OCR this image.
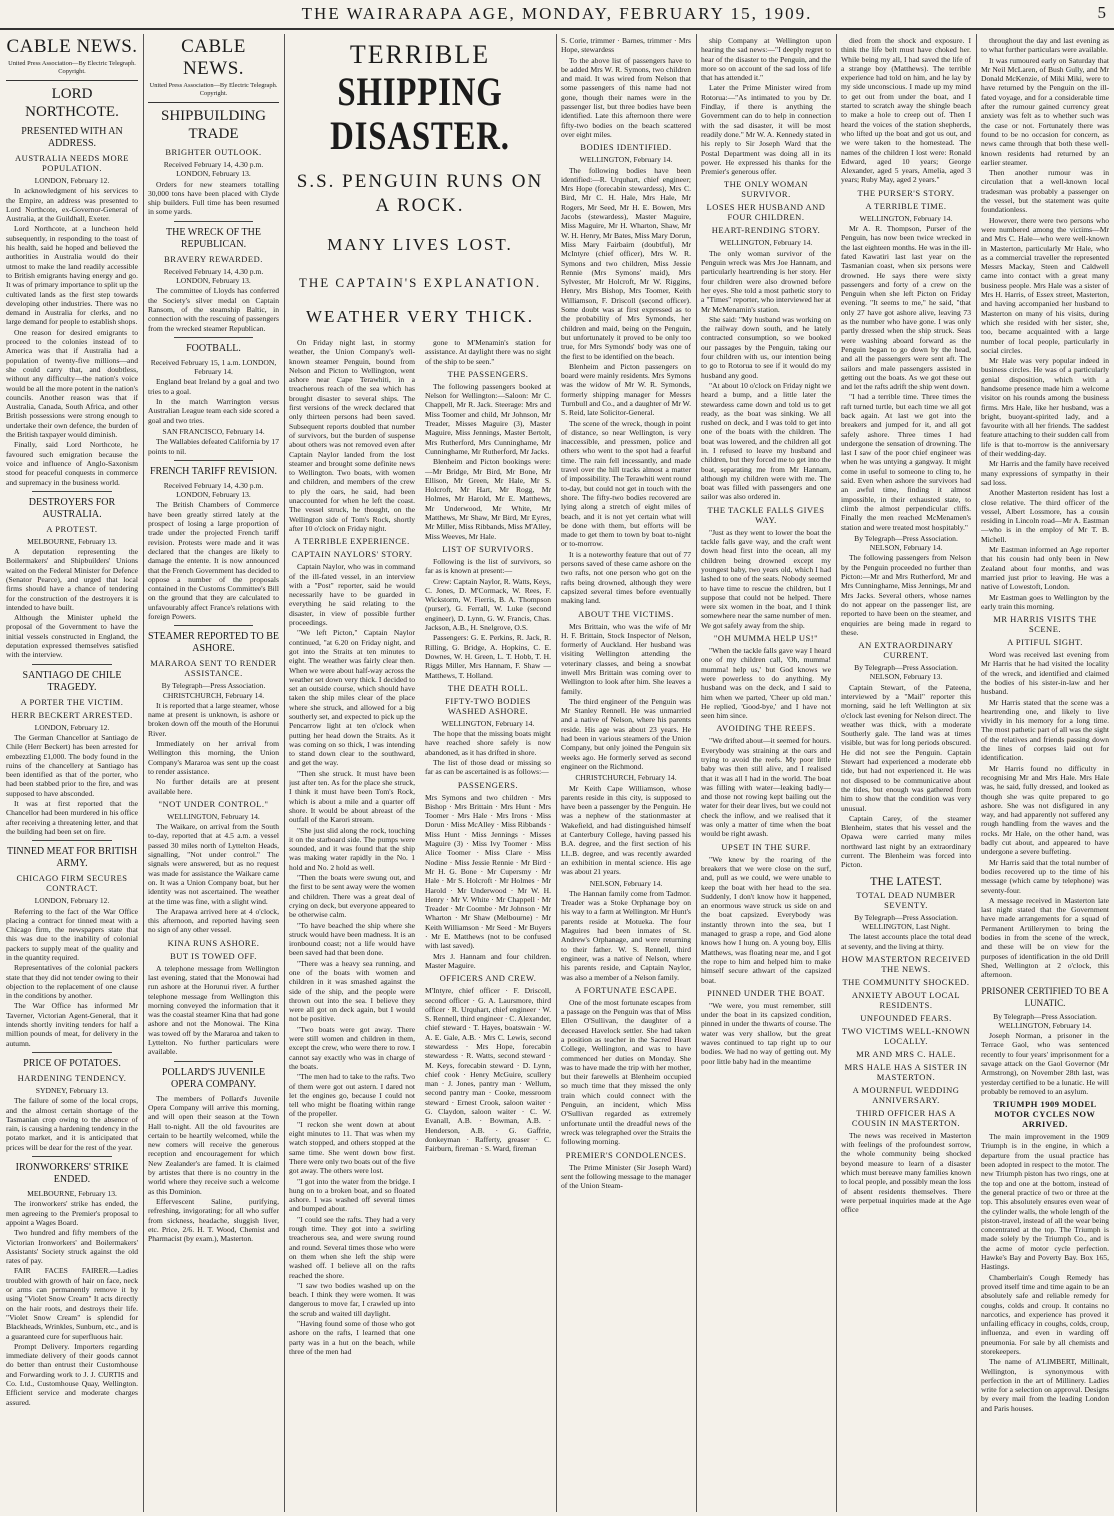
THE WAIRARAPA AGE, MONDAY, FEBRUARY 15, 1909.	5
CABLE NEWS.
United Press Association—By Electric Telegraph. Copyright.
LORD NORTHCOTE.
PRESENTED WITH AN ADDRESS.
AUSTRALIA NEEDS MORE POPULATION.
LONDON, February 12.

In acknowledgment of his services to the Empire, an address was presented to Lord Northcote, ex-Governor-General of Australia, at the Guildhall, Exeter.

Lord Northcote, at a luncheon held subsequently, in responding to the toast of his health, said he hoped and believed the authorities in Australia would do their utmost to make the land readily accessible to British emigrants having energy and go. It was of primary importance to split up the cultivated lands as the first step towards developing other industries. There was no demand in Australia for clerks, and no large demand for people to establish shops.

One reason for desired emigrants to proceed to the colonies instead of to America was that if Australia had a population of twenty-five millions—and she could carry that, and doubtless, without any difficulty—the nation's voice would be all the more potent in the nation's councils. Another reason was that if Australia, Canada, South Africa, and other British possessions were strong enough to undertake their own defence, the burden of the British taxpayer would diminish.

Finally, said Lord Northcote, he favoured such emigration because the voice and influence of Anglo-Saxonism stood for peaceful conquests in commerce and supremacy in the business world.

DESTROYERS FOR AUSTRALIA.
A PROTEST.
MELBOURNE, February 13.

A deputation representing the Boilermakers' and Shipbuilders' Unions waited on the Federal Minister for Defence (Senator Pearce), and urged that local firms should have a chance of tendering for the construction of the destroyers it is intended to have built.

Although the Minister upheld the proposal of the Government to have the initial vessels constructed in England, the deputation expressed themselves satisfied with the interview.

SANTIAGO DE CHILE TRAGEDY.
A PORTER THE VICTIM.
HERR BECKERT ARRESTED.
LONDON, February 12.

The German Chancellor at Santiago de Chile (Herr Beckert) has been arrested for embezzling £1,000. The body found in the ruins of the chancellery at Santiago has been identified as that of the porter, who had been stabbed prior to the fire, and was supposed to have absconded.

It was at first reported that the Chancellor had been murdered in his office after receiving a threatening letter, and that the building had been set on fire.

TINNED MEAT FOR BRITISH ARMY.
CHICAGO FIRM SECURES CONTRACT.
LONDON, February 12.

Referring to the fact of the War Office placing a contract for tinned meat with a Chicago firm, the newspapers state that this was due to the inability of colonial packers to supply meat of the quality and in the quantity required.

Representatives of the colonial packers state that they did not tender owing to their objection to the replacement of one clause in the conditions by another.

The War Office has informed Mr Taverner, Victorian Agent-General, that it intends shortly inviting tenders for half a million pounds of meat, for delivery in the autumn.

PRICE OF POTATOES.
HARDENING TENDENCY.
SYDNEY, February 13.

The failure of some of the local crops, and the almost certain shortage of the Tasmanian crop owing to the absence of rain, is causing a hardening tendency in the potato market, and it is anticipated that prices will be dear for the rest of the year.

IRONWORKERS' STRIKE ENDED.
MELBOURNE, February 13.

The ironworkers' strike has ended, the men agreeing to the Premier's proposal to appoint a Wages Board.

Two hundred and fifty members of the Victorian Ironworkers' and Boilermakers' Assistants' Society struck against the old rates of pay.

FAIR FACES FAIRER.—Ladies troubled with growth of hair on face, neck or arms can permanently remove it by using "Violet Snow Cream" It acts directly on the hair roots, and destroys their life. "Violet Snow Cream" is splendid for Blackheads, Wrinkles, Sunburn, etc., and is a guaranteed cure for superfluous hair.

Prompt Delivery. Importers regarding immediate delivery of their goods cannot do better than entrust their Customhouse and Forwarding work to J. J. CURTIS and Co. Ltd., Customhouse Quay, Wellington. Efficient service and moderate charges assured.

CABLE NEWS.
United Press Association—By Electric Telegraph. Copyright.
SHIPBUILDING TRADE
BRIGHTER OUTLOOK.
Received February 14, 4.30 p.m. LONDON, February 13.

Orders for new steamers totalling 30,000 tons have been placed with Clyde ship builders. Full time has been resumed in some yards.

THE WRECK OF THE REPUBLICAN.
BRAVERY REWARDED.
Received February 14, 4.30 p.m. LONDON, February 13.

The committee of Lloyds has conferred the Society's silver medal on Captain Ransom, of the steamship Baltic, in connection with the rescuing of passengers from the wrecked steamer Republican.

FOOTBALL.
Received February 15, 1 a.m. LONDON, February 14.

England beat Ireland by a goal and two tries to a goal.

In the match Warrington versus Australian League team each side scored a goal and two tries.

SAN FRANCISCO, February 14.

The Wallabies defeated California by 17 points to nil.

FRENCH TARIFF REVISION.
Received February 14, 4.30 p.m. LONDON, February 13.

The British Chambers of Commerce have been greatly stirred lately at the prospect of losing a large proportion of trade under the projected French tariff revision. Protests were made and it was declared that the changes are likely to damage the entente. It is now announced that the French Government has decided to oppose a number of the proposals contained in the Customs Committee's Bill on the ground that they are calculated to unfavourably affect France's relations with foreign Powers.

STEAMER REPORTED TO BE ASHORE.
MARAROA SENT TO RENDER ASSISTANCE.
By Telegraph—Press Association. CHRISTCHURCH, February 14.

It is reported that a large steamer, whose name at present is unknown, is ashore or broken down off the mouth of the Horunui River.

Immediately on her arrival from Wellington this morning, the Union Company's Mararoa was sent up the coast to render assistance.

No further details are at present available here.

"NOT UNDER CONTROL."
WELLINGTON, February 14.

The Waikare, on arrival from the South to-day, reported that at 4.5 a.m. a vessel passed 30 miles north of Lyttelton Heads, signalling, "Not under control." The signals were answered, but as no request was made for assistance the Waikare came on. It was a Union Company boat, but her identity was not ascertained. The weather at the time was fine, with a slight wind.

The Arapawa arrived here at 4 o'clock, this afternoon, and reported having seen no sign of any other vessel.

KINA RUNS ASHORE.
BUT IS TOWED OFF.

A telephone message from Wellington last evening, stated that the Monowai had run ashore at the Horunui river. A further telephone message from Wellington this morning conveyed the information that it was the coastal steamer Kina that had gone ashore and not the Monowai. The Kina was towed off by the Mararoa and taken to Lyttelton. No further particulars were available.

POLLARD'S JUVENILE OPERA COMPANY.

The members of Pollard's Juvenile Opera Company will arrive this morning, and will open their season at the Town Hall to-night. All the old favourites are certain to be heartily welcomed, while the new comers will receive the generous reception and encouragement for which New Zealander's are famed. It is claimed by artistes that there is no country in the world where they receive such a welcome as this Dominion.

Effervescent Saline, purifying, refreshing, invigorating; for all who suffer from sickness, headache, sluggish liver, etc. Price, 2/6. H. T. Wood, Chemist and Pharmacist (by exam.), Masterton.

TERRIBLE
SHIPPING DISASTER.
S.S. PENGUIN RUNS ON A ROCK.
MANY LIVES LOST.
THE CAPTAIN'S EXPLANATION.
WEATHER VERY THICK.

On Friday night last, in stormy weather, the Union Company's well-known steamer Penguin, bound from Nelson and Picton to Wellington, went ashore near Cape Terawhiti, in a treacherous reach of the sea which has brought disaster to several ships. The first versions of the wreck declared that only thirteen persons had been saved. Subsequent reports doubled that number of survivors, but the burden of suspense about others was not removed even after Captain Naylor landed from the lost steamer and brought some definite news to Wellington. Two boats, with women and children, and members of the crew to ply the oars, he said, had been unaccounted for when he left the coast. The vessel struck, he thought, on the Wellington side of Tom's Rock, shortly after 10 o'clock on Friday night.

A TERRIBLE EXPERIENCE.
CAPTAIN NAYLORS' STORY.

Captain Naylor, who was in command of the ill-fated vessel, in an interview with a "Post" reporter, said he would necessarily have to be guarded in everything he said relating to the disaster, in view of possible further proceedings.

"We left Picton," Captain Naylor continued, "at 6.20 on Friday night, and got into the Straits at ten minutes to eight. The weather was fairly clear then. When we were about half-way across the weather set down very thick. I decided to set an outside course, which should have taken the ship miles clear of the place where she struck, and allowed for a big southerly set, and expected to pick up the Pencarrow light at ten o'clock when putting her head down the Straits. As it was coming on so thick, I was intending to stand down clear to the southward, and get the way.

"Then she struck. It must have been just after ten. As for the place she struck, I think it must have been Tom's Rock, which is about a mile and a quarter off shore. It would be about abreast of the outfall of the Karori stream.

"She just slid along the rock, touching it on the starboard side. The pumps were sounded, and it was found that the ship was making water rapidly in the No. 1 hold and No. 2 hold as well.

"Then the boats were swung out, and the first to be sent away were the women and children. There was a great deal of crying on deck, but everyone appeared to be otherwise calm.

"To have beached the ship where she struck would have been madness. It is an ironbound coast; not a life would have been saved had that been done.

"There was a heavy sea running, and one of the boats with women and children in it was smashed against the side of the ship, and the people were thrown out into the sea. I believe they were all got on deck again, but I would not be positive.

"Two boats were got away. There were still women and children in them, except the crew, who were there to row. I cannot say exactly who was in charge of the boats.

"The men had to take to the rafts. Two of them were got out astern. I dared not let the engines go, because I could not tell who might be floating within range of the propeller.

"I reckon she went down at about eight minutes to 11. That was when my watch stopped, and others stopped at the same time. She went down bow first. There were only two boats out of the five got away. The others were lost.

"I got into the water from the bridge. I hung on to a broken boat, and so floated ashore. I was washed off several times and bumped about.

"I could see the rafts. They had a very rough time. They got into a swirling treacherous sea, and were swung round and round. Several times those who were on them when she left the ship were washed off. I believe all on the rafts reached the shore.

"I saw two bodies washed up on the beach. I think they were women. It was dangerous to move far, I crawled up into the scrub and waited till daylight.

"Having found some of those who got ashore on the rafts, I learned that one party was in a hut on the beach, while three of the men had

gone to M'Menamin's station for assistance. At daylight there was no sight of the ship to be seen."

THE PASSENGERS.

The following passengers booked at Nelson for Wellington:—Saloon: Mr C. Chappell, Mr R. Jack. Steerage: Mrs and Miss Toomer and child, Mr Johnson, Mr Treader, Misses Maguire (3), Master Maguire, Miss Jennings, Master Bertolt, Mrs Rutherford, Mrs Cunninghame, Mr Cunninghame, Mr Rutherford, Mr Jacks.

Blenheim and Picton bookings were:—Mr Bridge, Mr Bird, Mr Bone, Mr Ellison, Mr Green, Mr Hale, Mr S. Holcroft, Mr Hart, Mr Rogg, Mr Holmes, Mr Harold, Mr E. Matthews, Mr Underwood, Mr White, Mr Matthews, Mr Shaw, Mr Bird, Mr Eyres, Mr Miller, Miss Ribbands, Miss M'Alley, Miss Weeves, Mr Hale.

LIST OF SURVIVORS.

Following is the list of survivors, so far as is known at present:—

Crew: Captain Naylor, R. Watts, Keys, C. Jones, D. M'Cormack, W. Rees, F. Wickstorm, W. Fierris, B. A. Thompson (purser), G. Ferrall, W. Luke (second engineer), D. Lynn, G. W. Francis, Chas. Jackson, A.B., H. Snelgrove, O.S.

Passengers: G. E. Perkins, R. Jack, R. Rilling, G. Bridge, A. Hopkins, C. E. Downes, W. H. Green, L. T. Hobb, T. H. Riggs Miller, Mrs Hannam, F. Shaw — Matthews, T. Holland.

THE DEATH ROLL.
FIFTY-TWO BODIES WASHED ASHORE.
WELLINGTON, February 14.

The hope that the missing boats might have reached shore safely is now abandoned, as it has drifted in shore.

The list of those dead or missing so far as can be ascertained is as follows:—

PASSENGERS.

Mrs Symons and two children · Mrs Bishop · Mrs Brittain · Mrs Hunt · Mrs Toomer · Mrs Hale · Mrs Irons · Miss Dorun · Miss McAlley · Miss Ribbands · Miss Hunt · Miss Jennings · Misses Maguire (3) · Miss Ivy Toomer · Miss Alice Toomer · Miss Clare · Miss Nodine · Miss Jessie Rennie · Mr Bird · Mr H. G. Bone · Mr Cupersmy · Mr Hale · Mr S. Holcroft · Mr Holmes · Mr Harold · Mr Underwood · Mr W. H. Henry · Mr V. White · Mr Chappell · Mr Treader · Mr Coombe · Mr Johnson · Mr Wharton · Mr Shaw (Melbourne) · Mr Keith Williamson · Mr Seed · Mr Buyers · Mr E. Matthews (not to be confused with last saved).

Mrs J. Hannam and four children. Master Maguire.

OFFICERS AND CREW.

M'Intyre, chief officer · F. Driscoll, second officer · G. A. Laursmore, third officer · R. Urquhart, chief engineer · W. S. Rennell, third engineer · C. Alexander, chief steward · T. Hayes, boatswain · W. A. E. Gale, A.B. · Mrs C. Lewis, second stewardess · Mrs Hope, forecabin stewardess · R. Watts, second steward · M. Keys, forecabin steward · D. Lynn, chief cook · Henry McGuire, scullery man · J. Jones, pantry man · Wellum, second pantry man · Cooke, messroom steward · Ernest Crook, saloon waiter · G. Claydon, saloon waiter · C. W. Evanall, A.B. · Bowman, A.B. · Henderson, A.B. · G. Gaffrie, donkeyman · Rafferty, greaser · C. Fairburn, fireman · S. Ward, fireman

S. Corie, trimmer · Barnes, trimmer · Mrs Hope, stewardess

To the above list of passengers have to be added Mrs W. R. Symons, two children and maid. It was wired from Nelson that some passengers of this name had not gone, though their names were in the passenger list, but three bodies have been identified. Late this afternoon there were fifty-two bodies on the beach scattered over eight miles.

BODIES IDENTIFIED.
WELLINGTON, February 14.

The following bodies have been identified:—R. Urquhart, chief engineer; Mrs Hope (forecabin stewardess), Mrs C. Bird, Mr C. H. Hale, Mrs Hale, Mr Rogers, Mr Seed, Mr H. E. Bowen, Mrs Jacobs (stewardess), Master Maguire, Miss Maguire, Mr H. Wharton, Shaw, Mr W. H. Henry, Mr Bates, Miss Mary Dorun, Miss Mary Fairbairn (doubtful), Mr McIntyre (chief officer), Mrs W. R. Symons and two children, Miss Jessie Rennie (Mrs Symons' maid), Mrs Sylvester, Mr Holcroft, Mr W. Riggins, Henry, Mrs Bishop, Mrs Toomer, Keith Williamson, F. Driscoll (second officer). Some doubt was at first expressed as to the probability of Mrs Symonds, her children and maid, being on the Penguin, but unfortunately it proved to be only too true, for Mrs Symonds' body was one of the first to be identified on the beach.

Blenheim and Picton passengers on board were mainly residents. Mrs Symons was the widow of Mr W. R. Symonds, formerly shipping manager for Messrs Turnbull and Co., and a daughter of Mr W. S. Reid, late Solicitor-General.

The scene of the wreck, though in point of distance, so near Wellington, is very inaccessible, and pressmen, police and others who went to the spot had a fearful time. The rain fell incessantly, and made travel over the hill tracks almost a matter of impossibility. The Terawhiti went round to-day, but could not get in touch with the shore. The fifty-two bodies recovered are lying along a stretch of eight miles of beach, and it is not yet certain what will be done with them, but efforts will be made to get them to town by boat to-night or to-morrow.

It is a noteworthy feature that out of 77 persons saved of these came ashore on the two rafts, not one person who got on the rafts being drowned, although they were capsized several times before eventually making land.

ABOUT THE VICTIMS.

Mrs Brittain, who was the wife of Mr H. F. Brittain, Stock Inspector of Nelson, formerly of Auckland. Her husband was visiting Wellington attending the veterinary classes, and being a snowbat inwell Mrs Brittain was coming over to Wellington to look after him. She leaves a family.

The third engineer of the Penguin was Mr Stanley Rennell. He was unmarried and a native of Nelson, where his parents reside. His age was about 23 years. He had been in various steamers of the Union Company, but only joined the Penguin six weeks ago. He formerly served as second engineer on the Richmond.

CHRISTCHURCH, February 14.

Mr Keith Cape Williamson, whose parents reside in this city, is supposed to have been a passenger by the Penguin. He was a nephew of the stationmaster at Wakefield, and had distinguished himself at Canterbury College, having passed his B.A. degree, and the first section of his LL.B. degree, and was recently awarded an exhibition in mental science. His age was about 21 years.

NELSON, February 14.

The Hannan family come from Tadmor. Treader was a Stoke Orphanage boy on his way to a farm at Wellington. Mr Hunt's parents reside at Motueka. The four Maguires had been inmates of St. Andrew's Orphanage, and were returning to their father. W. S. Rennell, third engineer, was a native of Nelson, where his parents reside, and Captain Naylor, was also a member of a Nelson family.

A FORTUNATE ESCAPE.

One of the most fortunate escapes from a passage on the Penguin was that of Miss Ellen O'Sullivan, the daughter of a deceased Havelock settler. She had taken a position as teacher in the Sacred Heart College, Wellington, and was to have commenced her duties on Monday. She was to have made the trip with her mother, but their farewells at Blenheim occupied so much time that they missed the only train which could connect with the Penguin, an incident, which Miss O'Sullivan regarded as extremely unfortunate until the dreadful news of the wreck was telegraphed over the Straits the following morning.

PREMIER'S CONDOLENCES.

The Prime Minister (Sir Joseph Ward) sent the following message to the manager of the Union Steam-

ship Company at Wellington upon hearing the sad news:—"I deeply regret to hear of the disaster to the Penguin, and the more so on account of the sad loss of life that has attended it."

Later the Prime Minister wired from Rotorua:—"As intimated to you by Dr. Findlay, if there is anything the Government can do to help in connection with the sad disaster, it will be most readily done." Mr W. A. Kennedy stated in his reply to Sir Joseph Ward that the Postal Department was doing all in its power. He expressed his thanks for the Premier's generous offer.

THE ONLY WOMAN SURVIVOR.
LOSES HER HUSBAND AND FOUR CHILDREN.
HEART-RENDING STORY.
WELLINGTON, February 14.

The only woman survivor of the Penguin wreck was Mrs Joe Hannam, and particularly heartrending is her story. Her four children were also drowned before her eyes. She told a most pathetic story to a "Times" reporter, who interviewed her at Mr McMenamin's station.

She said: "My husband was working on the railway down south, and he lately contracted consumption, so we booked our passages by the Penguin, taking our four children with us, our intention being to go to Rotorua to see if it would do my husband any good.

"At about 10 o'clock on Friday night we heard a bump, and a little later the stewardess came down and told us to get ready, as the boat was sinking. We all rushed on deck, and I was told to get into one of the boats with the children. The boat was lowered, and the children all got in. I refused to leave my husband and children, but they forced me to get into the boat, separating me from Mr Hannam, although my children were with me. The boat was filled with passengers and one sailor was also ordered in.

THE TACKLE FALLS GIVES WAY.

"Just as they went to lower the boat the tackle falls gave way, and the craft went down head first into the ocean, all my children being drowned except my youngest baby, two years old, which I had lashed to one of the seats. Nobody seemed to have time to rescue the children, but I suppose that could not be helped. There were six women in the boat, and I think somewhere near the same number of men. We got safely away from the ship.

"OH MUMMA HELP US!"

"When the tackle falls gave way I heard one of my children call, 'Oh, mumma! mumma! help us,' but God knows we were powerless to do anything. My husband was on the deck, and I said to him when we parted, 'Cheer up old man.' He replied, 'Good-bye,' and I have not seen him since.

AVOIDING THE REEFS.

"We drifted about—it seemed for hours. Everybody was straining at the oars and trying to avoid the reefs. My poor little baby was then still alive, and I realised that it was all I had in the world. The boat was filling with water—leaking badly—and those not rowing kept bailing out the water for their dear lives, but we could not check the inflow, and we realised that it was only a matter of time when the boat would be right awash.

UPSET IN THE SURF.

"We knew by the roaring of the breakers that we were close on the surf, and, pull as we could, we were unable to keep the boat with her head to the sea. Suddenly, I don't know how it happened, an enormous wave struck us side on and the boat capsized. Everybody was instantly thrown into the sea, but I managed to grasp a rope, and God alone knows how I hung on. A young boy, Ellis Matthews, was floating near me, and I got the rope to him and helped him to make himself secure athwart of the capsized boat.

PINNED UNDER THE BOAT.

"We were, you must remember, still under the boat in its capsized condition, pinned in under the thwarts of course. The water was very shallow, but the great waves continued to tap right up to our bodies. We had no way of getting out. My poor little baby had in the meantime

died from the shock and exposure. I think the life belt must have choked her. While being my all, I had saved the life of a strange boy (Matthews). The terrible experience had told on him, and he lay by my side unconscious. I made up my mind to get out from under the boat, and I started to scratch away the shingle beach to make a hole to creep out of. Then I heard the voices of the station shepherds, who lifted up the boat and got us out, and we were taken to the homestead. The names of the children I lost were: Ronald Edward, aged 10 years; George Alexander, aged 5 years, Amelia, aged 3 years; Ruby May, aged 2 years."

THE PURSER'S STORY.
A TERRIBLE TIME.
WELLINGTON, February 14.

Mr A. R. Thompson, Purser of the Penguin, has now been twice wrecked in the last eighteen months. He was in the ill-fated Kawatiri last last year on the Tasmanian coast, when six persons were drowned. He says there were sixty passengers and forty of a crew on the Penguin when she left Picton on Friday evening. "It seems to me," he said, "that only 27 have got ashore alive, leaving 73 as the number who have gone. I was only partly dressed when the ship struck. Seas were washing aboard forward as the Penguin began to go down by the head, and all the passengers were sent aft. The sailors and male passengers assisted in getting out the boats. As we got these out and let the rafts adrift the ship went down.

"I had a terrible time. Three times the raft turned turtle, but each time we all got back again. At last we got into the breakers and jumped for it, and all got safely ashore. Three times I had undergone the sensation of drowning. The last I saw of the poor chief engineer was when he was untying a gangway. It might come in useful to someone to cling to, he said. Even when ashore the survivors had an awful time, finding it almost impossible, in their exhausted state, to climb the almost perpendicular cliffs. Finally the men reached McMenamen's station and were treated most hospitably."

By Telegraph—Press Association. NELSON, February 14.

The following passengers from Nelson by the Penguin proceeded no further than Picton:—Mr and Mrs Rutherford, Mr and Mrs Cunninghame, Miss Jennings, Mr and Mrs Jacks. Several others, whose names do not appear on the passenger list, are reported to have been on the steamer, and enquiries are being made in regard to these.

AN EXTRAORDINARY CURRENT.
By Telegraph—Press Association. NELSON, February 13.

Captain Stewart, of the Pateena, interviewed by a "Mail" reporter this morning, said he left Wellington at six o'clock last evening for Nelson direct. The weather was thick, with a moderate Southerly gale. The land was at times visible, but was for long periods obscured. He did not see the Penguin. Captain Stewart had experienced a moderate ebb tide, but had not experienced it. He was not disposed to be communicative about the tides, but enough was gathered from him to show that the condition was very unusual.

Captain Carey, of the steamer Blenheim, states that his vessel and the Opawa were carried many miles northward last night by an extraordinary current. The Blenheim was forced into Picton.

THE LATEST.
TOTAL DEAD NUMBER SEVENTY.
By Telegraph—Press Association. WELLINGTON, Last Night.

The latest accounts place the total dead at seventy, and the living at thirty.

HOW MASTERTON RECEIVED THE NEWS.
THE COMMUNITY SHOCKED.
ANXIETY ABOUT LOCAL RESIDENTS.
UNFOUNDED FEARS.
TWO VICTIMS WELL-KNOWN LOCALLY.
MR AND MRS C. HALE.
MRS HALE HAS A SISTER IN MASTERTON.
A MOURNFUL WEDDING ANNIVERSARY.
THIRD OFFICER HAS A COUSIN IN MASTERTON.

The news was received in Masterton with feelings of the profoundest sorrow, the whole community being shocked beyond measure to learn of a disaster which must bereave many families known to local people, and possibly mean the loss of absent residents themselves. There were perpetual inquiries made at the Age office

throughout the day and last evening as to what further particulars were available.

It was rumoured early on Saturday that Mr Neil McLaren, of Bush Gully, and Mr Donald McKenzie, of Miki Miki, were to have returned by the Penguin on the ill-fated voyage, and for a considerable time after the rumour gained currency great anxiety was felt as to whether such was the case or not. Fortunately there was found to be no occasion for concern, as news came through that both these well-known residents had returned by an earlier steamer.

Then another rumour was in circulation that a well-known local tradesman was probably a passenger on the vessel, but the statement was quite foundationless.

However, there were two persons who were numbered among the victims—Mr and Mrs C. Hale—who were well-known in Masterton, particularly Mr Hale, who as a commercial traveller the represented Messrs Mackay, Steen and Caldwell came into contact with a great many business people. Mrs Hale was a sister of Mrs H. Harris, of Essex street, Masterton, and having accompanied her husband to Masterton on many of his visits, during which she resided with her sister, she, too, became acquainted with a large number of local people, particularly in social circles.

Mr Hale was very popular indeed in business circles. He was of a particularly genial disposition, which with a handsome presence made him a welcome visitor on his rounds among the business firms. Mrs Hale, like her husband, was a bright, buoyant-spirited lady, and a favourite with all her friends. The saddest feature attaching to their sudden call from life is that to-morrow is the anniversary of their wedding-day.

Mr Harris and the family have received many expressions of sympathy in their sad loss.

Another Masterton resident has lost a close relative. The third officer of the vessel, Albert Lossmore, has a cousin residing in Lincoln road—Mr A. Eastman—who is in the employ of Mr T. B. Michell.

Mr Eastman informed an Age reporter that his cousin had only been in New Zealand about four months, and was married just prior to leaving. He was a native of Lowestoft, London.

Mr Eastman goes to Wellington by the early train this morning.

MR HARRIS VISITS THE SCENE.
A PITIFUL SIGHT.

Word was received last evening from Mr Harris that he had visited the locality of the wreck, and identified and claimed the bodies of his sister-in-law and her husband.

Mr Harris stated that the scene was a heartrending one, and likely to live vividly in his memory for a long time. The most pathetic part of all was the sight of the relatives and friends passing down the lines of corpses laid out for identification.

Mr Harris found no difficulty in recognising Mr and Mrs Hale. Mrs Hale was, he said, fully dressed, and looked as though she was quite prepared to go ashore. She was not disfigured in any way, and had apparently not suffered any rough handling from the waves and the rocks. Mr Hale, on the other hand, was badly cut about, and appeared to have undergone a severe buffeting.

Mr Harris said that the total number of bodies recovered up to the time of his message (which came by telephone) was seventy-four.

A message received in Masterton late last night stated that the Government have made arrangements for a squad of Permanent Artillerymen to bring the bodies in from the scene of the wreck, and these will be on view for the purposes of identification in the old Drill Shed, Wellington at 2 o'clock, this afternoon.

PRISONER CERTIFIED TO BE A LUNATIC.
By Telegraph—Press Association. WELLINGTON, February 14.

Joseph Norman, a prisoner in the Terrace Gaol, who was sentenced recently to four years' imprisonment for a savage attack on the Gaol Governor (Mr Armstrong), on November 28th last, was yesterday certified to be a lunatic. He will probably be removed to an asylum.

TRIUMPH 1909 MODEL MOTOR CYCLES NOW ARRIVED.

The main improvement in the 1909 Triumph is in the engine, in which a departure from the usual practice has been adopted in respect to the motor. The new Triumph piston has two rings, one at the top and one at the bottom, instead of the general practice of two or three at the top. This absolutely ensures even wear of the cylinder walls, the whole length of the piston-travel, instead of all the wear being concentrated at the top. The Triumph is made solely by the Triumph Co., and is the acme of motor cycle perfection. Hawke's Bay and Poverty Bay. Box 165, Hastings.

Chamberlain's Cough Remedy has proved itself time and time again to be an absolutely safe and reliable remedy for coughs, colds and croup. It contains no narcotics, and experience has proved it unfailing efficacy in coughs, colds, croup, influenza, and even in warding off pneumonia. For sale by all chemists and storekeepers.

The name of A'LIMBERT, Millinalt, Wellington, is synonymous with perfection in the art of Millinery. Ladies write for a selection on approval. Designs by every mail from the leading London and Paris houses.
